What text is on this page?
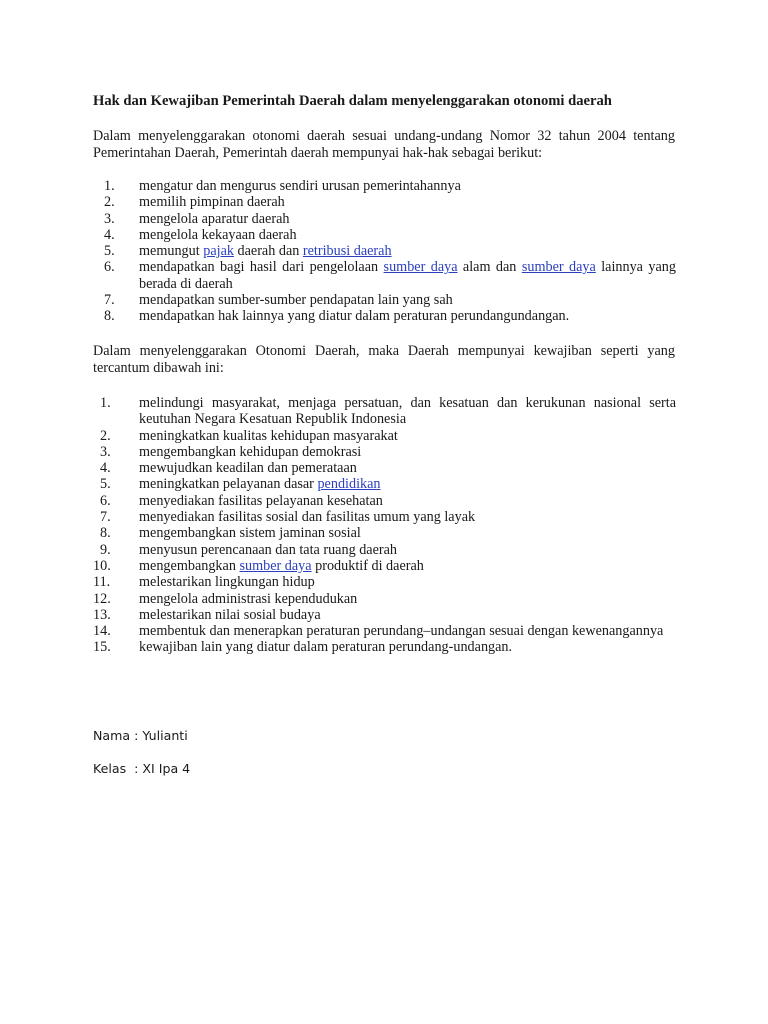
Hak dan Kewajiban Pemerintah Daerah dalam menyelenggarakan otonomi daerah

Dalam menyelenggarakan otonomi daerah sesuai undang-undang Nomor 32 tahun 2004 tentang
Pemerintahan Daerah, Pemerintah daerah mempunyai hak-hak sebagai berikut:

1.	mengatur dan mengurus sendiri urusan pemerintahannya
2.	memilih pimpinan daerah
3.	mengelola aparatur daerah
4.	mengelola kekayaan daerah
5.	memungut pajak daerah dan retribusi daerah
6.	mendapatkan bagi hasil dari pengelolaan sumber daya alam dan sumber daya lainnya yang
berada di daerah
7.	mendapatkan sumber-sumber pendapatan lain yang sah
8.	mendapatkan hak lainnya yang diatur dalam peraturan perundangundangan.

Dalam menyelenggarakan Otonomi Daerah, maka Daerah mempunyai kewajiban seperti yang
tercantum dibawah ini:

1.	melindungi masyarakat, menjaga persatuan, dan kesatuan dan kerukunan nasional serta
keutuhan Negara Kesatuan Republik Indonesia
2.	meningkatkan kualitas kehidupan masyarakat
3.	mengembangkan kehidupan demokrasi
4.	mewujudkan keadilan dan pemerataan
5.	meningkatkan pelayanan dasar pendidikan
6.	menyediakan fasilitas pelayanan kesehatan
7.	menyediakan fasilitas sosial dan fasilitas umum yang layak
8.	mengembangkan sistem jaminan sosial
9.	menyusun perencanaan dan tata ruang daerah
10.	mengembangkan sumber daya produktif di daerah
11.	melestarikan lingkungan hidup
12.	mengelola administrasi kependudukan
13.	melestarikan nilai sosial budaya
14.	membentuk dan menerapkan peraturan perundang–undangan sesuai dengan kewenangannya
15.	kewajiban lain yang diatur dalam peraturan perundang-undangan.

Nama : Yulianti

Kelas  : XI Ipa 4
